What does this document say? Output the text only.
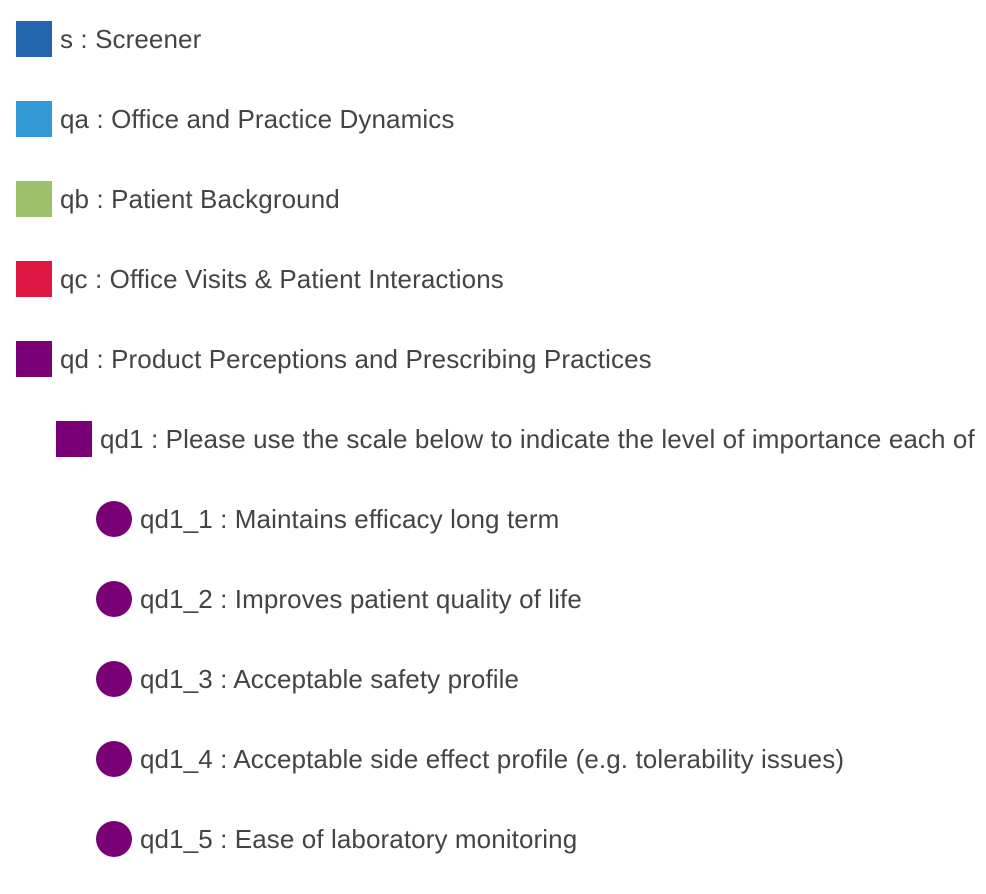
s : Screener
qa : Office and Practice Dynamics
qb : Patient Background
qc : Office Visits & Patient Interactions
qd : Product Perceptions and Prescribing Practices
qd1 : Please use the scale below to indicate the level of importance each of
qd1_1 : Maintains efficacy long term
qd1_2 : Improves patient quality of life
qd1_3 : Acceptable safety profile
qd1_4 : Acceptable side effect profile (e.g. tolerability issues)
qd1_5 : Ease of laboratory monitoring
